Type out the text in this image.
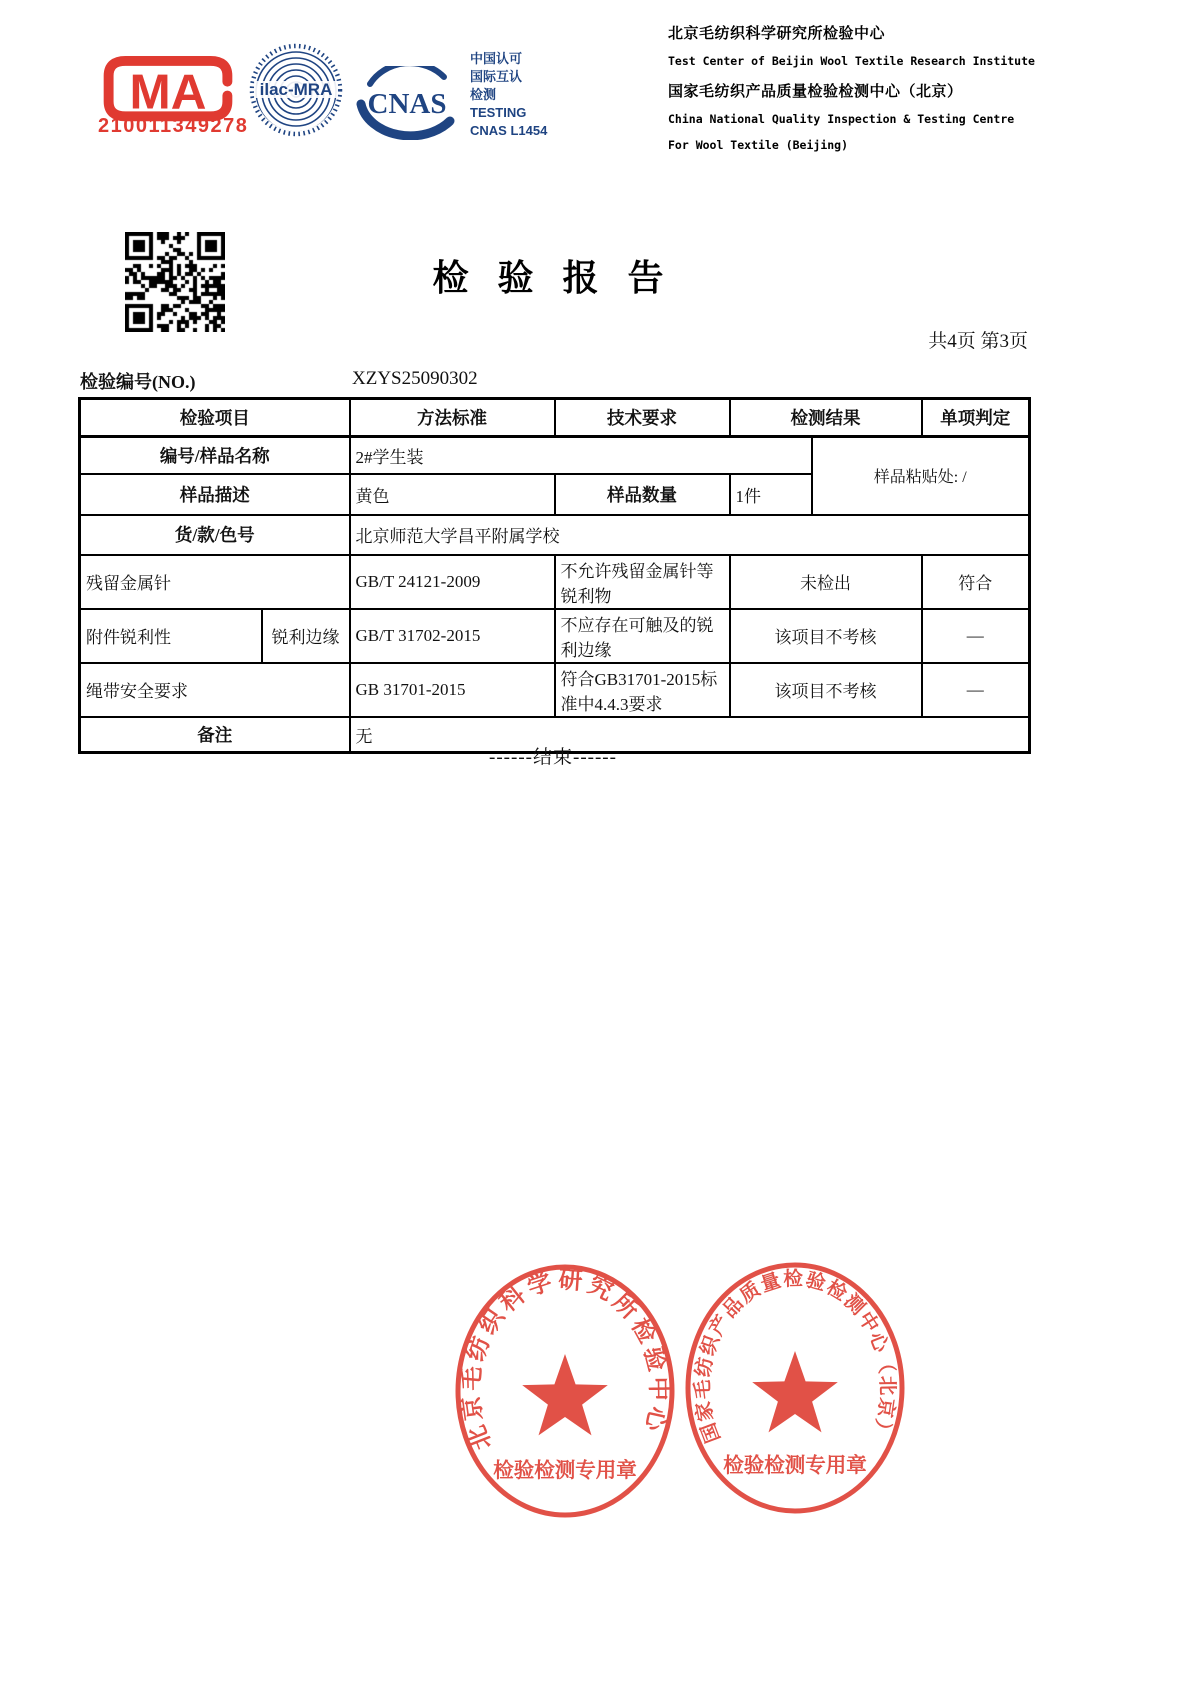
MA
210011349278
ilac-MRA CNAS
中国认可
国际互认
检测
TESTING
CNAS L1454
北京毛纺织科学研究所检验中心
Test Center of Beijin Wool Textile Research Institute
国家毛纺织产品质量检验检测中心（北京）
China National Quality Inspection & Testing Centre
For Wool Textile (Beijing)
检 验 报 告
共4页 第3页
检验编号(NO.)	XZYS25090302
检验项目		方法标准	技术要求	检测结果		单项判定
编号/样品名称		2#学生装			样品粘贴处: /	
样品描述		黄色	样品数量	1件		
货/款/色号		北京师范大学昌平附属学校				
残留金属针		GB/T 24121-2009	不允许残留金属针等锐利物	未检出		符合
附件锐利性	锐利边缘	GB/T 31702-2015	不应存在可触及的锐利边缘	该项目不考核		—
绳带安全要求		GB 31701-2015	符合GB31701-2015标准中4.4.3要求	该项目不考核		—
备注		无				
------结束------
北京毛纺织科学研究所检验中心
检验检测专用章
国家毛纺织产品质量检验检测中心（北京）
检验检测专用章
